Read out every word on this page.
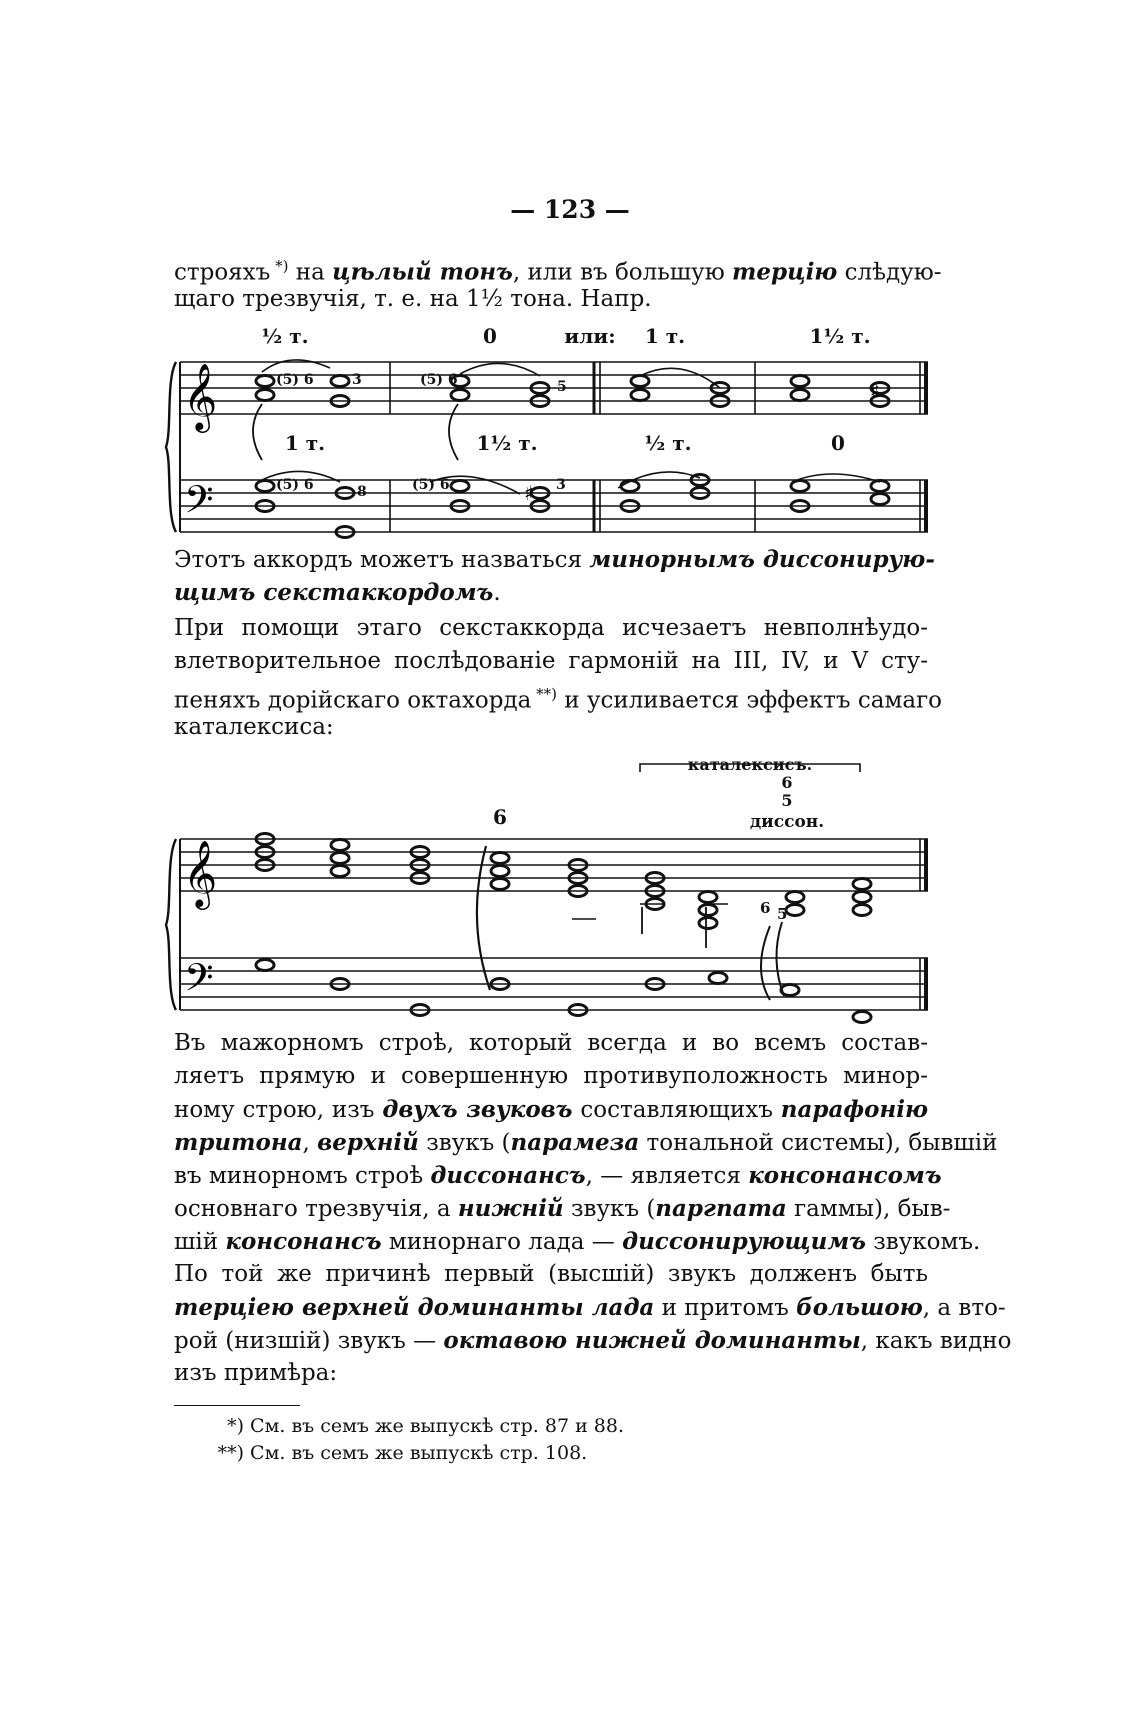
— 123 —
строяхъ *) на цѣлый тонъ, или въ большую терцію слѣдую-
щаго трезвучія, т. е. на 1½ тона. Напр.
𝄞
𝄢
♯
♯
½ т.	0	или: 1 т.	1½ т.
1 т.	1½ т.	½ т.	0
(5) 6	3	(5) 6	5
(5) 6	8	(5) 6	3
Этотъ аккордъ можетъ назваться минорнымъ диссонирую-
щимъ секстаккордомъ.
При помощи этаго секстаккорда исчезаетъ невполнѣудо-
влетворительное послѣдованіе гармоній на III, IV, и V сту-
пеняхъ дорійскаго октахорда **) и усиливается эффектъ самаго
каталексиса:
𝄞
𝄢
каталексисъ.
6
6
5
диссон.
6 5
Въ мажорномъ строѣ, который всегда и во всемъ состав-
ляетъ прямую и совершенную противуположность минор-
ному строю, изъ двухъ звуковъ составляющихъ парафонію
тритона, верхній звукъ (парамеза тональной системы), бывшій
въ минорномъ строѣ диссонансъ, — является консонансомъ
основнаго трезвучія, а нижній звукъ (паргпата гаммы), быв-
шій консонансъ минорнаго лада — диссонирующимъ звукомъ.
По той же причинѣ первый (высшій) звукъ долженъ быть
терціею верхней доминанты лада и притомъ большою, а вто-
рой (низшій) звукъ — октавою нижней доминанты, какъ видно
изъ примѣра:
*) См. въ семъ же выпускѣ стр. 87 и 88.
**) См. въ семъ же выпускѣ стр. 108.
